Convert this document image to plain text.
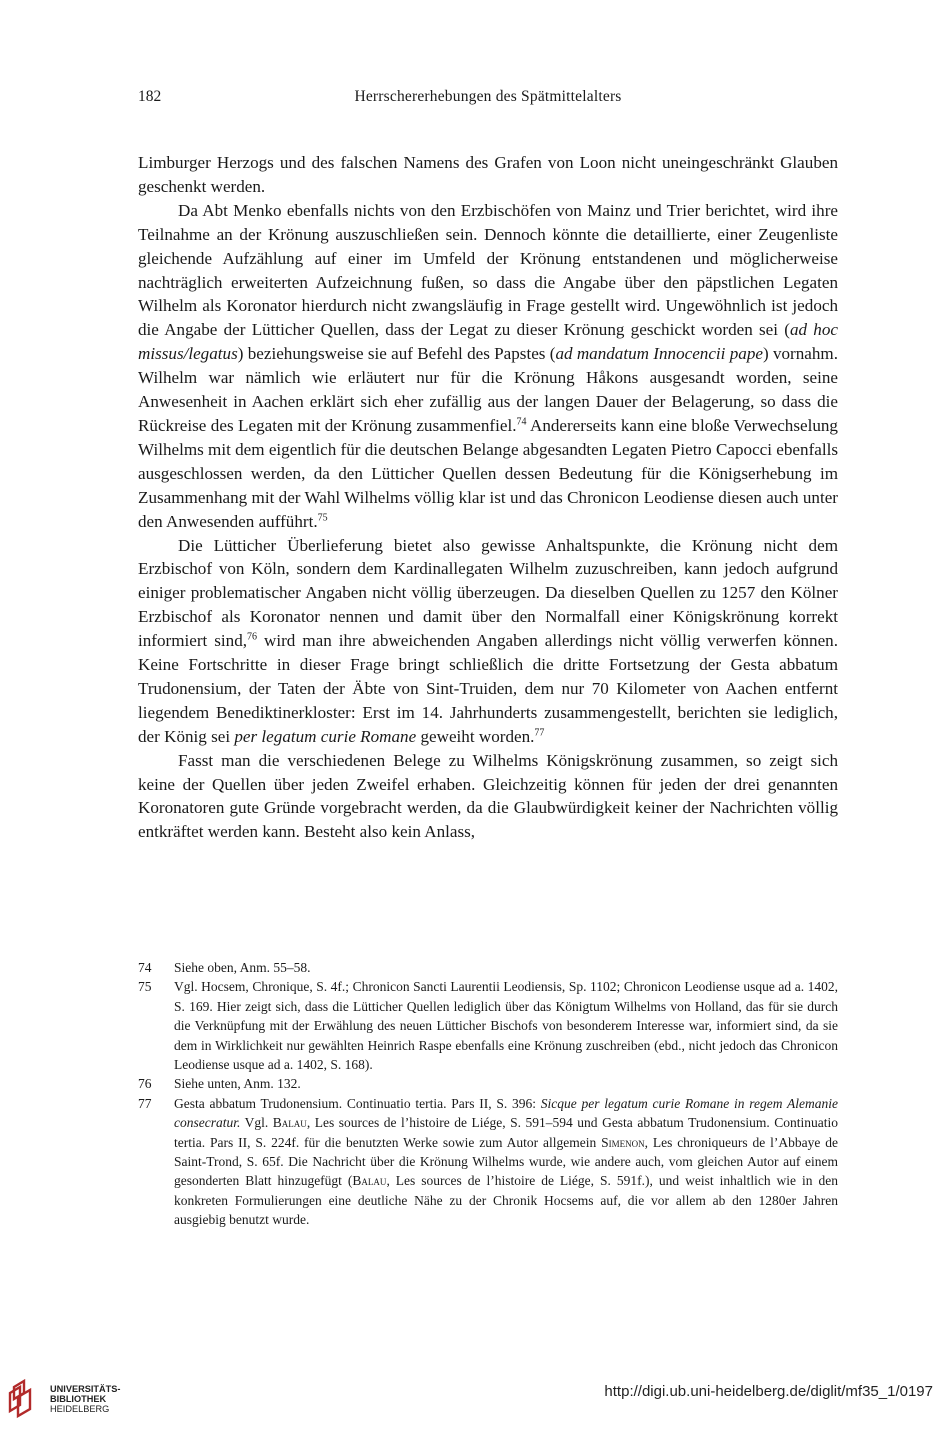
182	Herrschererhebungen des Spätmittelalters

Limburger Herzogs und des falschen Namens des Grafen von Loon nicht uneingeschränkt Glauben geschenkt werden.

Da Abt Menko ebenfalls nichts von den Erzbischöfen von Mainz und Trier berichtet, wird ihre Teilnahme an der Krönung auszuschließen sein. Dennoch könnte die detaillierte, einer Zeugenliste gleichende Aufzählung auf einer im Umfeld der Krönung entstandenen und möglicherweise nachträglich erweiterten Aufzeichnung fußen, so dass die Angabe über den päpstlichen Legaten Wilhelm als Koronator hierdurch nicht zwangsläufig in Frage gestellt wird. Ungewöhnlich ist jedoch die Angabe der Lütticher Quellen, dass der Legat zu dieser Krönung geschickt worden sei (ad hoc missus/legatus) beziehungsweise sie auf Befehl des Papstes (ad mandatum Innocencii pape) vornahm. Wilhelm war nämlich wie erläutert nur für die Krönung Håkons ausgesandt worden, seine Anwesenheit in Aachen erklärt sich eher zufällig aus der langen Dauer der Belagerung, so dass die Rückreise des Legaten mit der Krönung zusammenfiel.$^{74}$ Andererseits kann eine bloße Verwechselung Wilhelms mit dem eigentlich für die deutschen Belange abgesandten Legaten Pietro Capocci ebenfalls ausgeschlossen werden, da den Lütticher Quellen dessen Bedeutung für die Königserhebung im Zusammenhang mit der Wahl Wilhelms völlig klar ist und das Chronicon Leodiense diesen auch unter den Anwesenden aufführt.$^{75}$

Die Lütticher Überlieferung bietet also gewisse Anhaltspunkte, die Krönung nicht dem Erzbischof von Köln, sondern dem Kardinallegaten Wilhelm zuzuschreiben, kann jedoch aufgrund einiger problematischer Angaben nicht völlig überzeugen. Da dieselben Quellen zu 1257 den Kölner Erzbischof als Koronator nennen und damit über den Normalfall einer Königskrönung korrekt informiert sind,$^{76}$ wird man ihre abweichenden Angaben allerdings nicht völlig verwerfen können. Keine Fortschritte in dieser Frage bringt schließlich die dritte Fortsetzung der Gesta abbatum Trudonensium, der Taten der Äbte von Sint-Truiden, dem nur 70 Kilometer von Aachen entfernt liegendem Benediktinerkloster: Erst im 14. Jahrhunderts zusammengestellt, berichten sie lediglich, der König sei per legatum curie Romane geweiht worden.$^{77}$

Fasst man die verschiedenen Belege zu Wilhelms Königskrönung zusammen, so zeigt sich keine der Quellen über jeden Zweifel erhaben. Gleichzeitig können für jeden der drei genannten Koronatoren gute Gründe vorgebracht werden, da die Glaubwürdigkeit keiner der Nachrichten völlig entkräftet werden kann. Besteht also kein Anlass,

74	Siehe oben, Anm. 55–58.
75	Vgl. Hocsem, Chronique, S. 4f.; Chronicon Sancti Laurentii Leodiensis, Sp. 1102; Chronicon Leodiense usque ad a. 1402, S. 169. Hier zeigt sich, dass die Lütticher Quellen lediglich über das Königtum Wilhelms von Holland, das für sie durch die Verknüpfung mit der Erwählung des neuen Lütticher Bischofs von besonderem Interesse war, informiert sind, da sie dem in Wirklichkeit nur gewählten Heinrich Raspe ebenfalls eine Krönung zuschreiben (ebd., nicht jedoch das Chronicon Leodiense usque ad a. 1402, S. 168).
76	Siehe unten, Anm. 132.
77	Gesta abbatum Trudonensium. Continuatio tertia. Pars II, S. 396: Sicque per legatum curie Romane in regem Alemanie consecratur. Vgl. Balau, Les sources de l’histoire de Liége, S. 591–594 und Gesta abbatum Trudonensium. Continuatio tertia. Pars II, S. 224f. für die benutzten Werke sowie zum Autor allgemein Simenon, Les chroniqueurs de l’Abbaye de Saint-Trond, S. 65f. Die Nachricht über die Krönung Wilhelms wurde, wie andere auch, vom gleichen Autor auf einem gesonderten Blatt hinzugefügt (Balau, Les sources de l’histoire de Liége, S. 591f.), und weist inhaltlich wie in den konkreten Formulierungen eine deutliche Nähe zu der Chronik Hocsems auf, die vor allem ab den 1280er Jahren ausgiebig benutzt wurde.
UNIVERSITÄTS-
BIBLIOTHEK
HEIDELBERG
http://digi.ub.uni-heidelberg.de/diglit/mf35_1/0197
